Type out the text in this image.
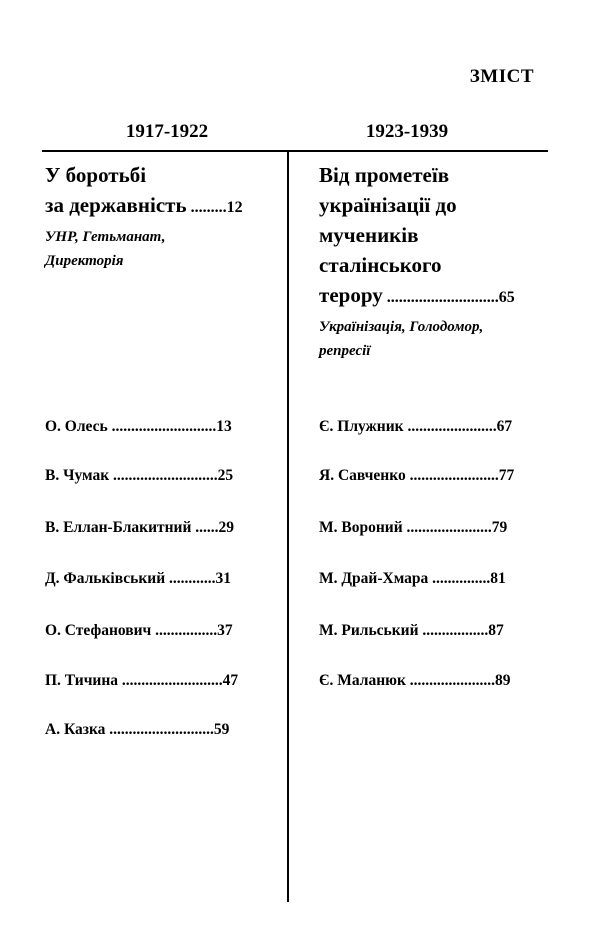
ЗМІСТ
1917-1922	1923-1939
У боротьбі
за державність .........12
УНР, Гетьманат,
Директорія
Від прометеїв
українізації до
мучеників
сталінського
терору ............................65
Українізація, Голодомор,
репресії
О. Олесь ...........................13
В. Чумак ...........................25
В. Еллан-Блакитний ......29
Д. Фальківський ............31
О. Стефанович ................37
П. Тичина ..........................47
А. Казка ...........................59
Є. Плужник .......................67
Я. Савченко .......................77
М. Вороний ......................79
М. Драй-Хмара ...............81
М. Рильський .................87
Є. Маланюк ......................89
